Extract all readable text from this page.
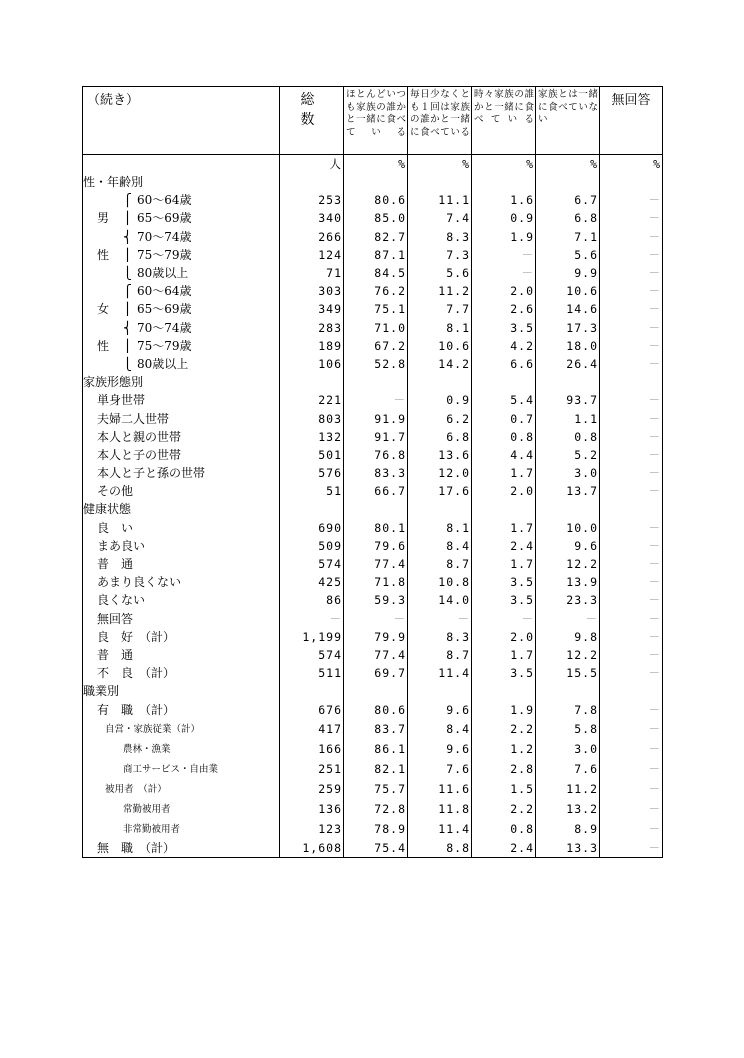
（続き）	総　数	ほとんどいつも家族の誰かと一緒に食べている	毎日少なくとも１回は家族の誰かと一緒に食べている	時々家族の誰かと一緒に食べている	家族とは一緒に食べていない	無回答
	人	%	%	%	%	%
性・年齢別						
⎧ 60～64歳	253	80.6	11.1	1.6	6.7	－
男 ⎪ 65～69歳	340	85.0	7.4	0.9	6.8	－
⎨ 70～74歳	266	82.7	8.3	1.9	7.1	－
性 ⎪ 75～79歳	124	87.1	7.3	－	5.6	－
⎩ 80歳以上	71	84.5	5.6	－	9.9	－
⎧ 60～64歳	303	76.2	11.2	2.0	10.6	－
女 ⎪ 65～69歳	349	75.1	7.7	2.6	14.6	－
⎨ 70～74歳	283	71.0	8.1	3.5	17.3	－
性 ⎪ 75～79歳	189	67.2	10.6	4.2	18.0	－
⎩ 80歳以上	106	52.8	14.2	6.6	26.4	－
家族形態別						
単身世帯	221	－	0.9	5.4	93.7	－
夫婦二人世帯	803	91.9	6.2	0.7	1.1	－
本人と親の世帯	132	91.7	6.8	0.8	0.8	－
本人と子の世帯	501	76.8	13.6	4.4	5.2	－
本人と子と孫の世帯	576	83.3	12.0	1.7	3.0	－
その他	51	66.7	17.6	2.0	13.7	－
健康状態						
良　い	690	80.1	8.1	1.7	10.0	－
まあ良い	509	79.6	8.4	2.4	9.6	－
普　通	574	77.4	8.7	1.7	12.2	－
あまり良くない	425	71.8	10.8	3.5	13.9	－
良くない	86	59.3	14.0	3.5	23.3	－
無回答	－	－	－	－	－	－
良　好　（計）	1,199	79.9	8.3	2.0	9.8	－
普　通	574	77.4	8.7	1.7	12.2	－
不　良　（計）	511	69.7	11.4	3.5	15.5	－
職業別						
有　職　（計）	676	80.6	9.6	1.9	7.8	－
自営・家族従業（計）	417	83.7	8.4	2.2	5.8	－
農林・漁業	166	86.1	9.6	1.2	3.0	－
商工サービス・自由業	251	82.1	7.6	2.8	7.6	－
被用者　（計）	259	75.7	11.6	1.5	11.2	－
常勤被用者	136	72.8	11.8	2.2	13.2	－
非常勤被用者	123	78.9	11.4	0.8	8.9	－
無　職　（計）	1,608	75.4	8.8	2.4	13.3	－
